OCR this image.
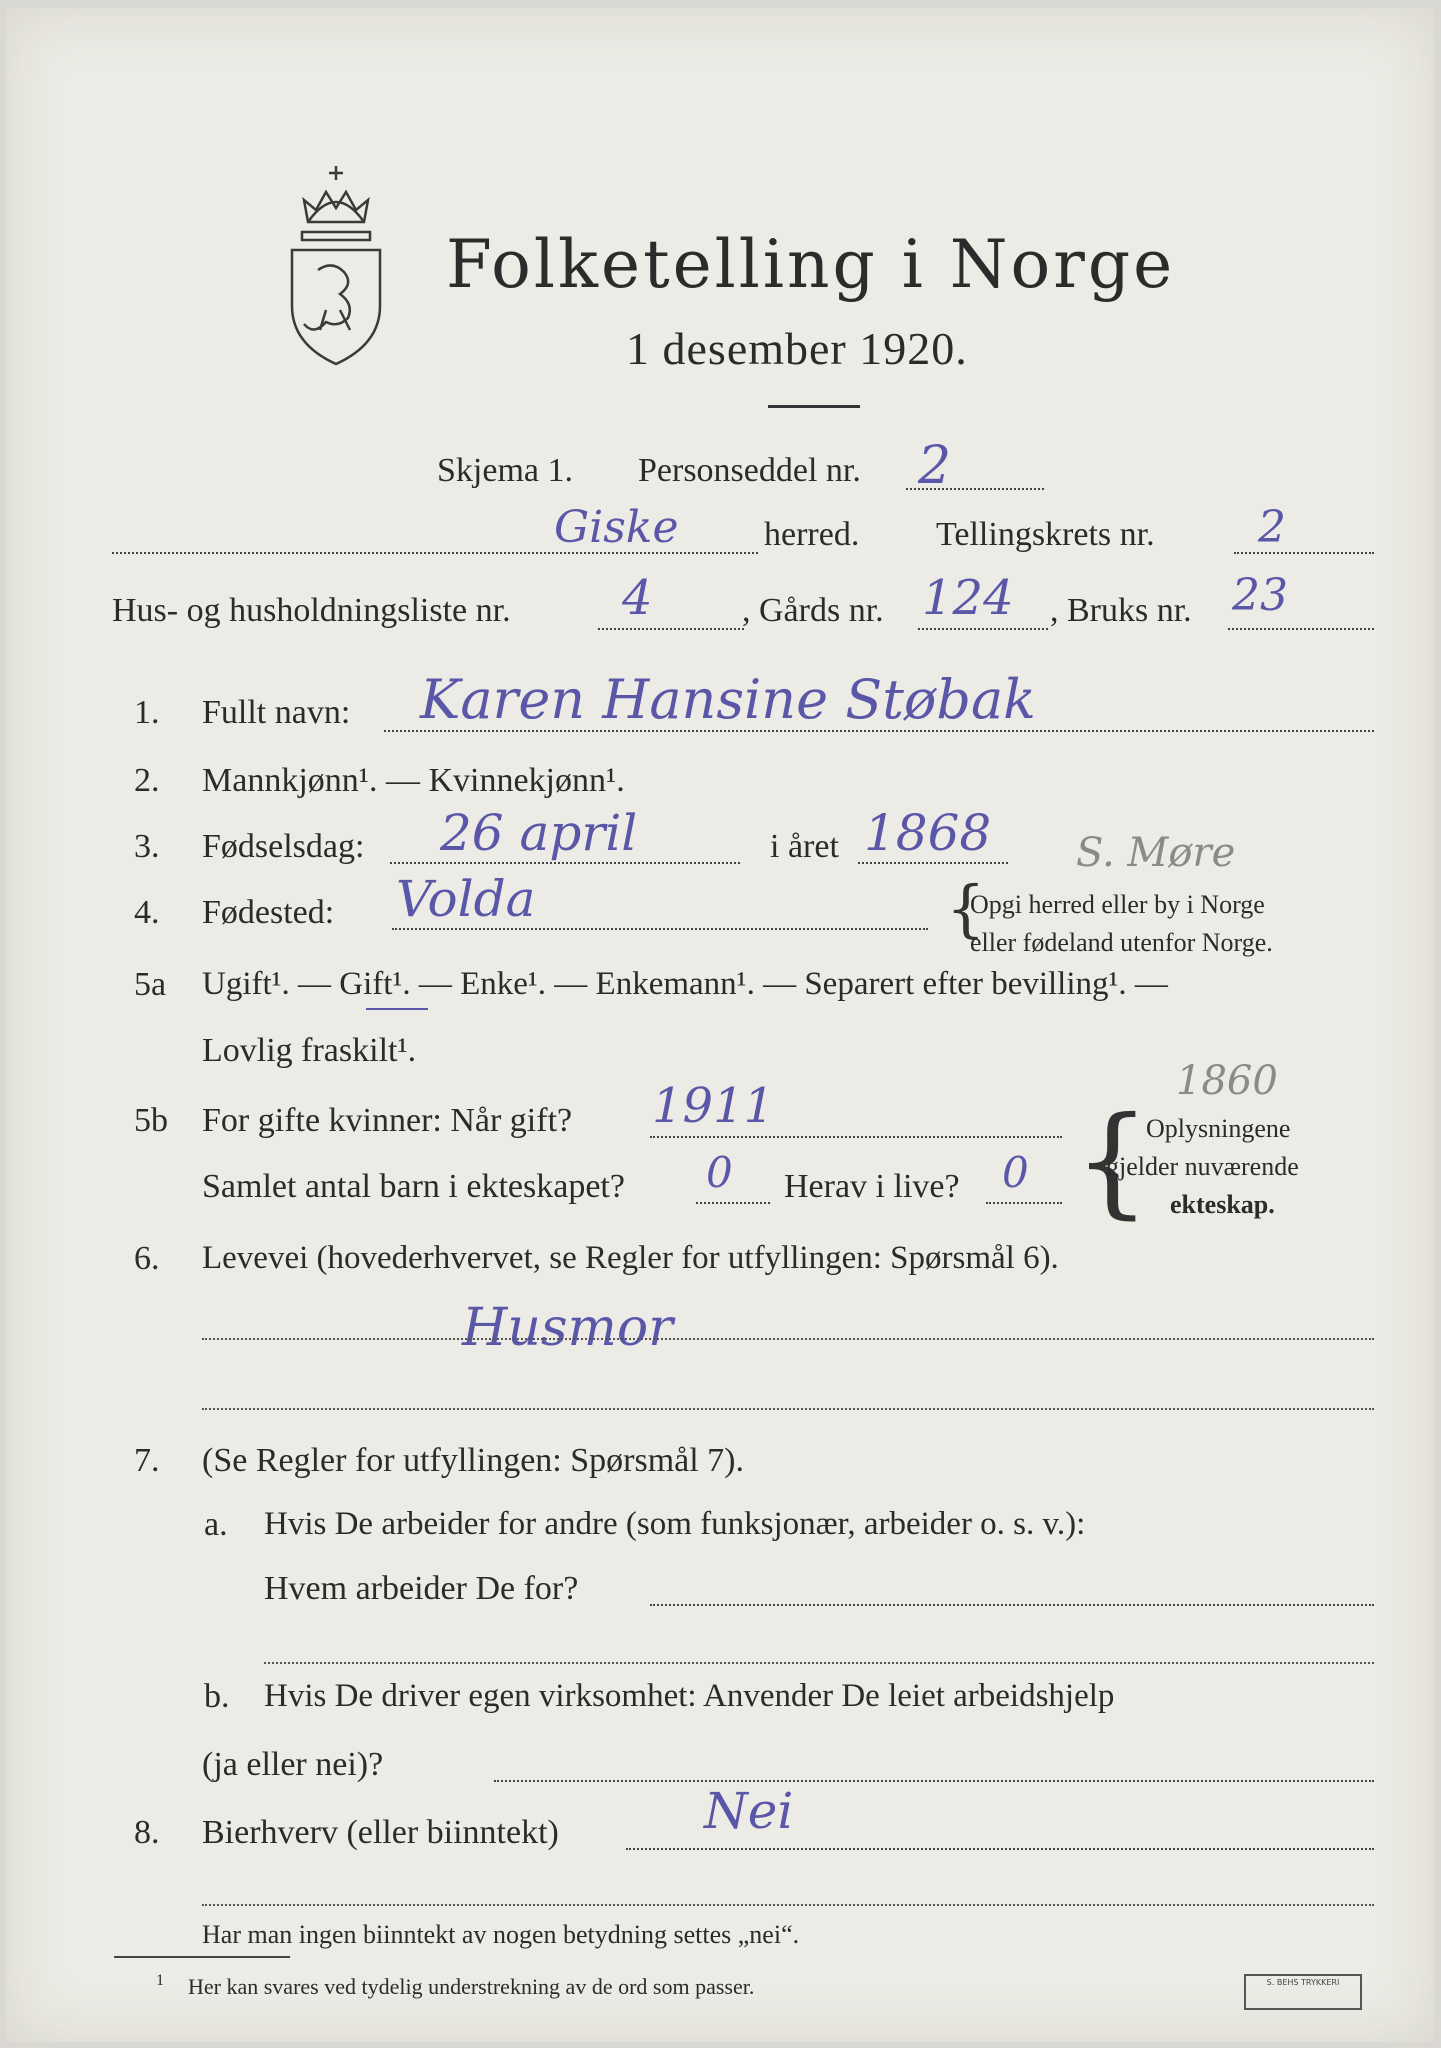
Folketelling i Norge
1 desember 1920.
Skjema 1. Personseddel nr. 2
Giske	herred. Tellingskrets nr. 2
Hus- og husholdningsliste nr. 4	, Gårds nr. 124 , Bruks nr. 23
1. Fullt navn: Karen Hansine Støbak
2. Mannkjønn¹. — Kvinnekjønn¹.
3. Fødselsdag: 26 april	i året 1868 S. Møre
4. Fødested: Volda	{
Opgi herred eller by i Norge
eller fødeland utenfor Norge.
5a Ugift¹. — Gift¹. — Enke¹. — Enkemann¹. — Separert efter bevilling¹. —
Lovlig fraskilt¹.
5b For gifte kvinner: Når gift? 1911	1860
Samlet antal barn i ekteskapet? 0 Herav i live? 0 {
Oplysningene
gjelder nuværende
ekteskap.
6. Levevei (hovederhvervet, se Regler for utfyllingen: Spørsmål 6).
Husmor
7. (Se Regler for utfyllingen: Spørsmål 7).
a. Hvis De arbeider for andre (som funksjonær, arbeider o. s. v.):
Hvem arbeider De for?
b. Hvis De driver egen virksomhet: Anvender De leiet arbeidshjelp
(ja eller nei)?
8. Bierhverv (eller biinntekt)	Nei
Har man ingen biinntekt av nogen betydning settes „nei“.
1 Her kan svares ved tydelig understrekning av de ord som passer.	S. BEHS TRYKKERI
